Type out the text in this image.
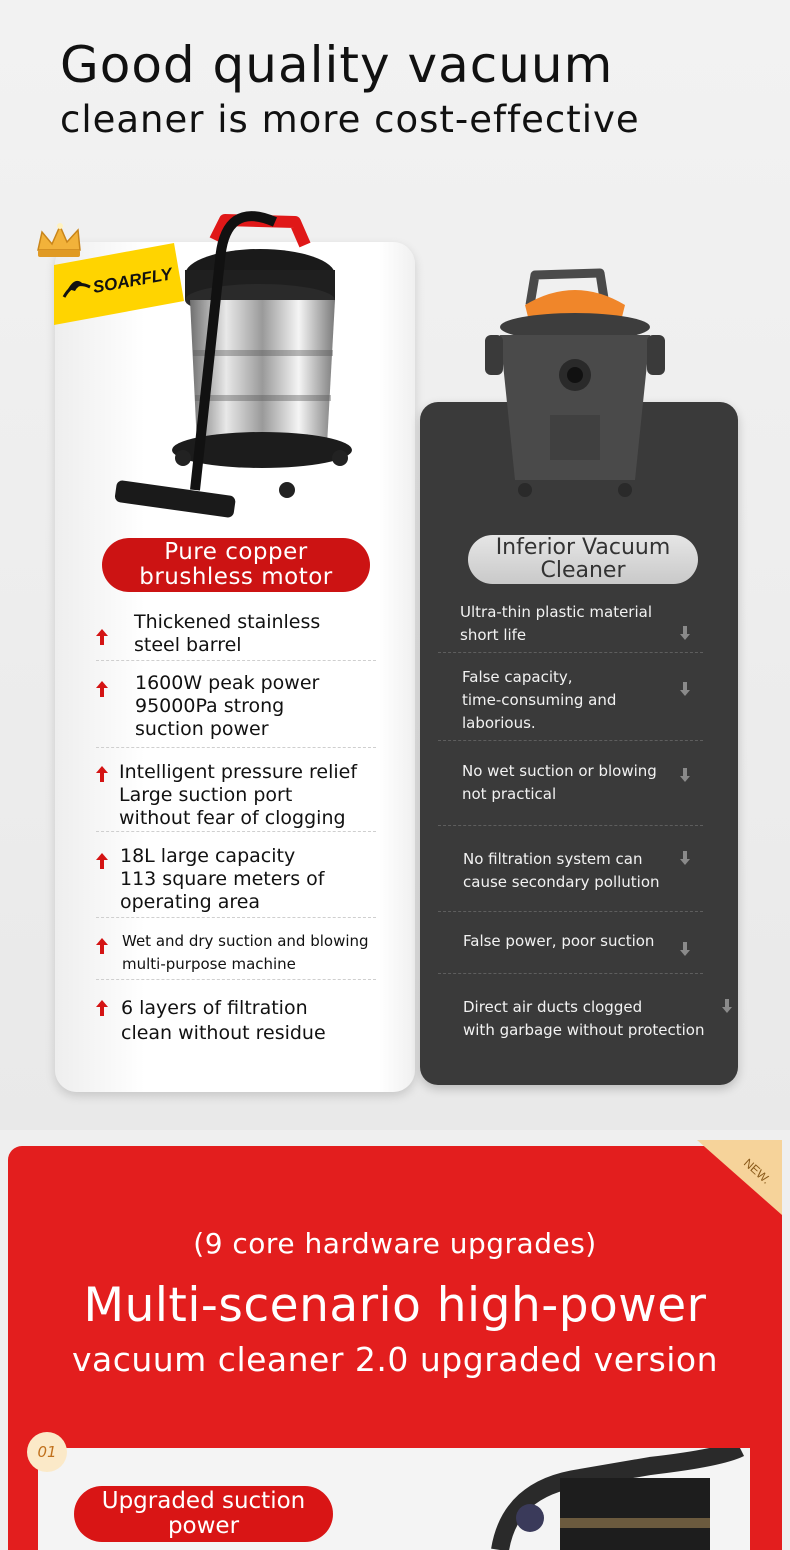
Good quality vacuum
cleaner is more cost-effective
SOARFLY
Pure copper
brushless motor
Thickened stainless
steel barrel
1600W peak power
95000Pa strong
suction power
Intelligent pressure relief
Large suction port
without fear of clogging
18L large capacity
113 square meters of
operating area
Wet and dry suction and blowing
multi-purpose machine
6 layers of filtration
clean without residue
Inferior Vacuum
Cleaner
Ultra-thin plastic material
short life
False capacity,
time-consuming and
laborious.
No wet suction or blowing
not practical
No filtration system can
cause secondary pollution
False power, poor suction
Direct air ducts clogged
with garbage without protection
NEW.
(9 core hardware upgrades)
Multi-scenario high-power
vacuum cleaner 2.0 upgraded version
01
Upgraded suction
power
